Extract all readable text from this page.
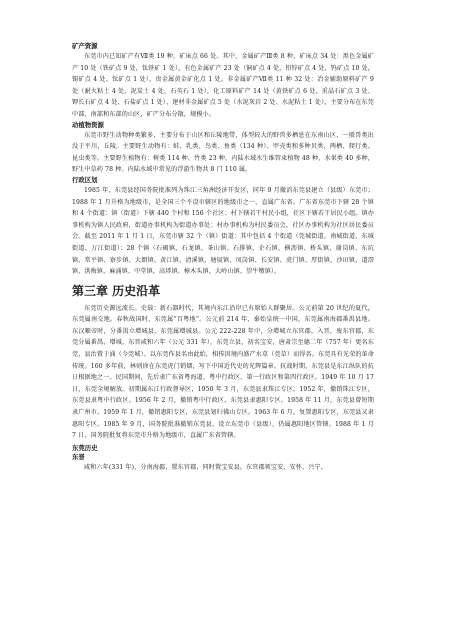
矿产资源

东莞市内已知矿产有Ⅶ类 19 种，矿床点 66 处。其中，金属矿产Ⅲ类 8 种，矿床点 34 处：黑色金属矿产 10 处（铁矿点 9 处，钛铁矿 1 处），有色金属矿产 23 处（铜矿点 4 处，铅锌矿点 4 处、钨矿点 10 处，锡矿点 4 处、钛矿点 1 处），贵金属黄金矿化点 1 处。非金属矿产Ⅶ类 11 种 32 处：冶金辅助原料矿产 9 处（耐火粘土 4 处，泥炭土 4 处，石英石 1 处），化工原料矿产 14 处（黄铁矿点 6 处、重晶石矿点 3 处、钾长石矿点 4 处、石盐矿点 1 处），建材非金属矿点 5 处（水泥灰岩 2 处、水泥粘土 1 处），主要分布在东莞中部、南部和东部的山区，矿产分布分散，规模小。

动植物资源

东莞市野生动物种类繁多，主要分布于山区和丘陵地带，体型较大的野兽多栖息在东南山区，一般兽类出没于平川、丘陵。主要野生动物有：蛙、乳类、鸟类、鱼类（134 种）、甲壳类和多种贝类、两栖、爬行类、昆虫类等。主要野生植物有：树类 114 种、竹类 23 种、内陆水域水生维管束植物 48 种，水果类 40 多种，野生中草药 78 种。内陆水域中常见的浮游生物共 8 门 110 属。

行政区划

1985 年，东莞县经国务院批准列为珠江三角洲经济开发区，同年 9 月撤消东莞县建立（县级）东莞市；1988 年 1 月升格为地级市，是全国三个不设市辖区的地级市之一，直属广东省。广东省东莞市下辖 28 个镇和 4 个街道：镇（街道）下辖 440 个村和 156 个社区；村下辖若干村民小组，社区下辖若干居民小组。镇办事机构为镇人民政府，街道办事机构为街道办事处；村办事机构为村民委员会，社区办事机构为社区居民委员会。截至 2011 年 1 月 1 日，东莞市辖 32 个（镇）街道：其中包括 4 个街道（莞城街道、南城街道、东城街道、万江街道）；28 个镇（石碣镇、石龙镇、茶山镇、石排镇、企石镇、横沥镇、桥头镇、谢岗镇、东坑镇、常平镇、寮步镇、大朗镇、黄江镇、清溪镇、塘厦镇、凤岗镇、长安镇、虎门镇、厚街镇、沙田镇、道滘镇、洪梅镇、麻涌镇、中堂镇、高埗镇、樟木头镇、大岭山镇、望牛墩镇）。

第三章 历史沿革

东莞历史源远流长。史载：新石器时代，其境内东江沿岸已有原始人群聚居。公元前第 20 世纪的夏代，东莞属南交地。春秋战国时，东莞属“百粤地”。公元前 214 年，秦始皇统一中国，东莞属南海郡番禺县地。东汉顺帝时，分番禺立增城县，东莞属增城县。公元 222-228 年中，分增城立东官郡。入晋，废东官郡，东莞分属番禺、增城。东晋咸和六年（公元 331 年），东莞立县，初名宝安，唐肃宗至德二年（757 年）更名东莞，县治置于涌（今莞城）。以东莞作县名由此始，相传因境内盛产水草（莞草）而得名。东莞具有光荣的革命传统。160 多年前，林则徐在东莞虎门销烟，写下中国近代史的光辉篇章。抗战时期，东莞县是东江纵队的抗日根据地之一。民国期间，先后隶广东省粤海道、粤中行政区、第一行政区和第四行政区。1949 年 10 月 17 日，东莞全境解放。初期属东江行政督导区，1950 年 3 月，东莞县隶珠江专区。1952 年，撤销珠江专区，东莞县隶粤中行政区。1956 年 2 月，撤销粤中行政区，东莞县隶惠阳专区。1958 年 11 月，东莞县曾短期隶广州市。1959 年 1 月，撤销惠阳专区，东莞县划归佛山专区。1963 年 6 月，复置惠阳专区，东莞县又隶惠阳专区。1985 年 9 月，国务院批准撤销东莞县，设立东莞市（县级），仍属惠阳地区管辖。1988 年 1 月 7 日，国务院批复将东莞市升格为地级市，直属广东省管辖。

东莞历史

东晋

咸和六年(331 年)，分南海郡，置东官郡，同时置宝安县。东官郡领宝安、安怀、兴宁、
